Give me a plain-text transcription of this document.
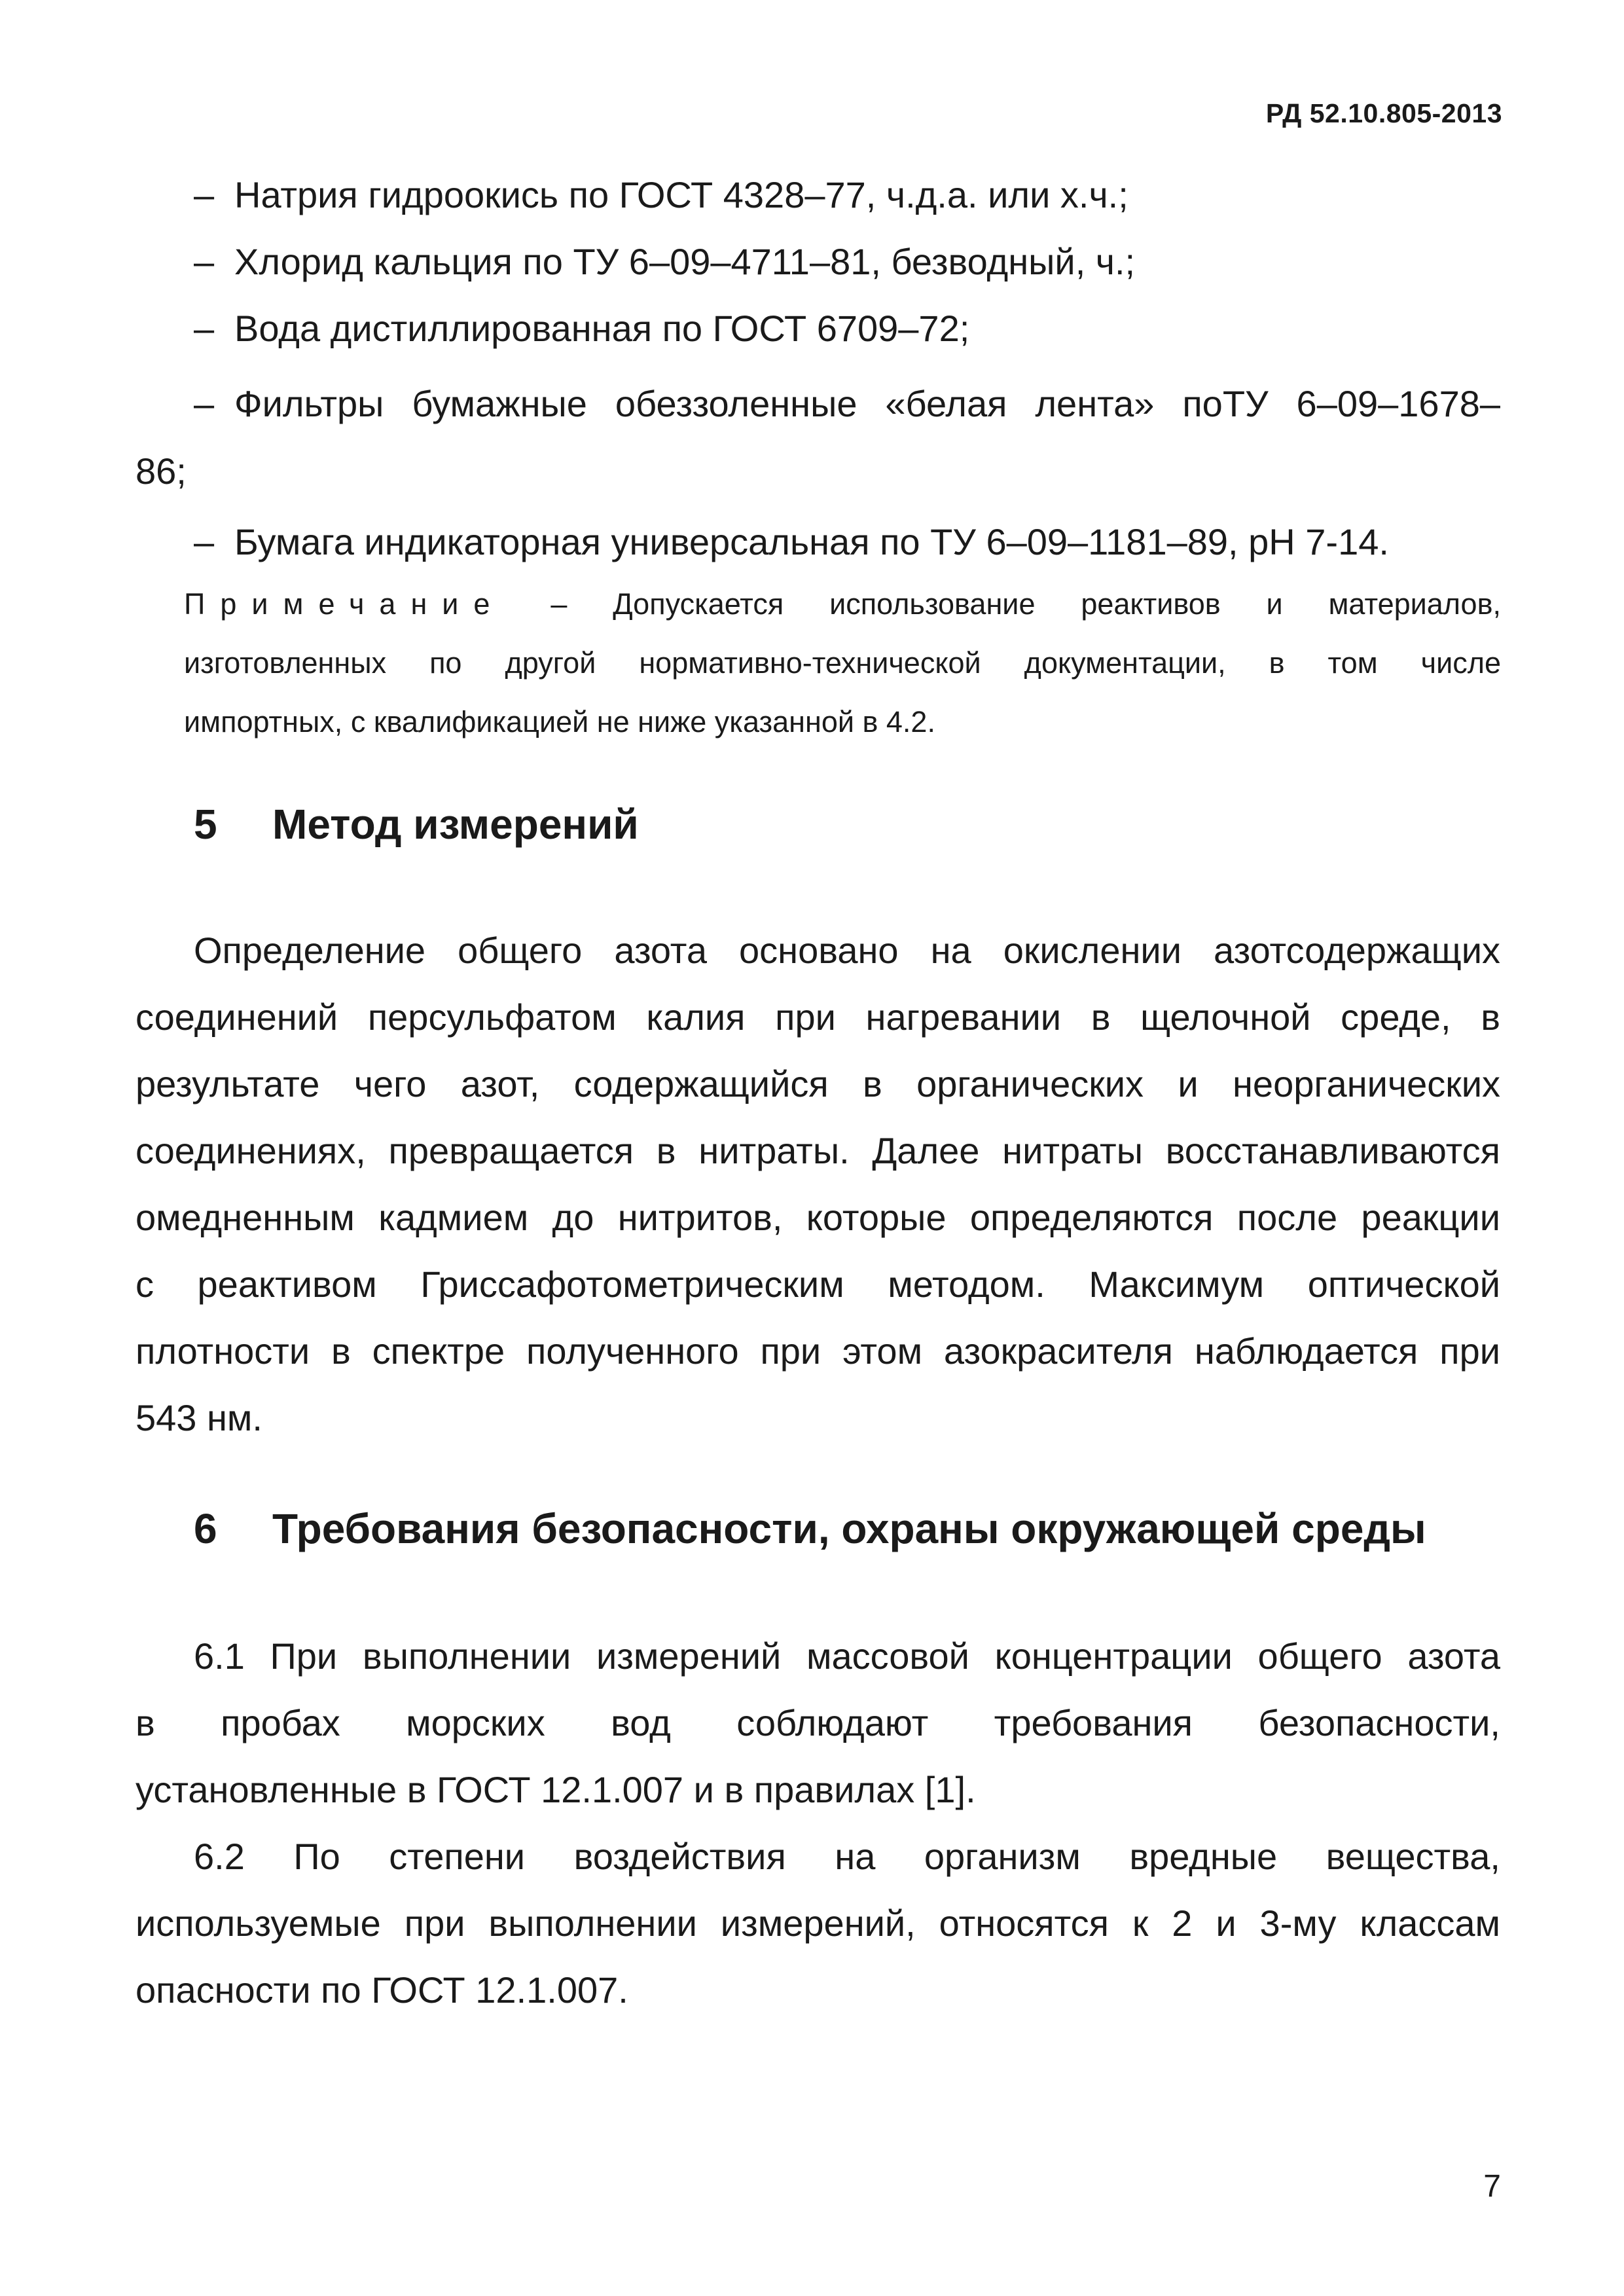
РД 52.10.805-2013
– Натрия гидроокись по ГОСТ 4328–77, ч.д.а. или х.ч.;
– Хлорид кальция по ТУ 6–09–4711–81, безводный, ч.;
– Вода дистиллированная по ГОСТ 6709–72;
– Фильтры бумажные обеззоленные «белая лента» поТУ 6–09–1678–
86;
– Бумага индикаторная универсальная по ТУ 6–09–1181–89, рН 7-14.
Примечание – Допускается использование реактивов и материалов,
изготовленных по другой нормативно-технической документации, в том числе
импортных, с квалификацией не ниже указанной в 4.2.
5 Метод измерений
Определение общего азота основано на окислении азотсодержащих
соединений персульфатом калия при нагревании в щелочной среде, в
результате чего азот, содержащийся в органических и неорганических
соединениях, превращается в нитраты. Далее нитраты восстанавливаются
омедненным кадмием до нитритов, которые определяются после реакции
с реактивом Гриссафотометрическим методом. Максимум оптической
плотности в спектре полученного при этом азокрасителя наблюдается при
543 нм.
6 Требования безопасности, охраны окружающей среды
6.1 При выполнении измерений массовой концентрации общего азота
в пробах морских вод соблюдают требования безопасности,
установленные в ГОСТ 12.1.007 и в правилах [1].
6.2 По степени воздействия на организм вредные вещества,
используемые при выполнении измерений, относятся к 2 и 3-му классам
опасности по ГОСТ 12.1.007.
7
